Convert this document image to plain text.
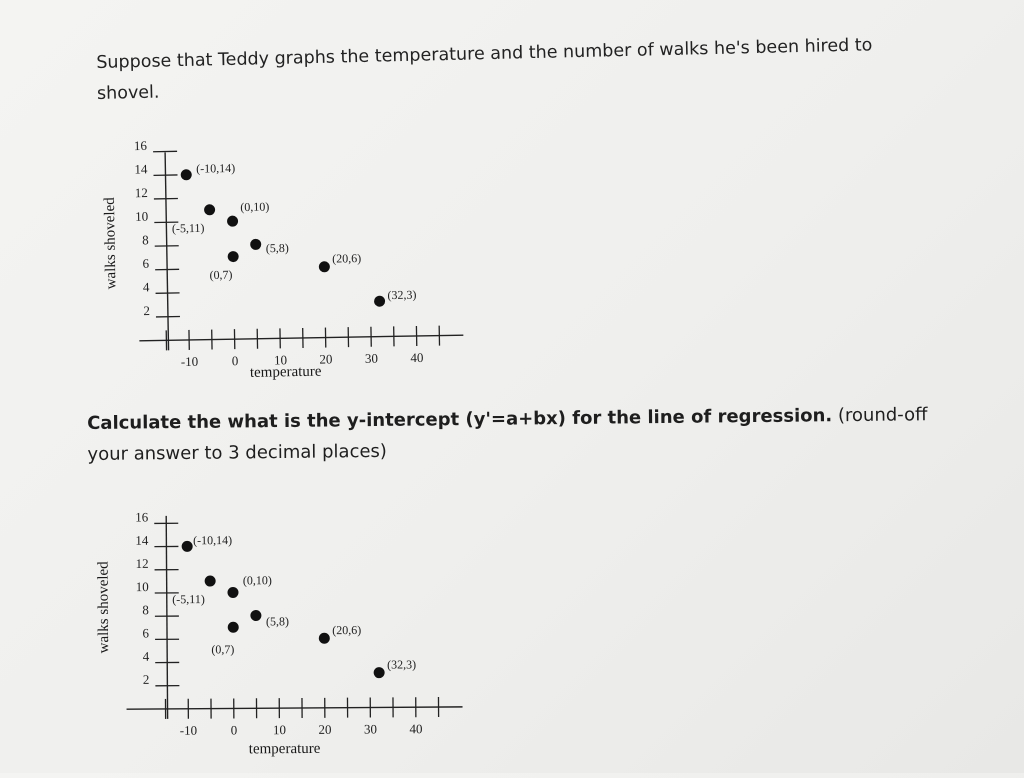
Suppose that Teddy graphs the temperature and the number of walks he's been hired to shovel.

2
4
6
8
10
12
14
16
-10	0	10 20 30 40
temperature
walks shoveled
(-10,14)
(-5,11)
(0,10)
(0,7)
(5,8)
(20,6)
(32,3)

Calculate the what is the y-intercept (y'=a+bx) for the line of regression. (round-off your answer to 3 decimal places)

2
4
6
8
10
12
14
16
-10	0	10 20 30 40
temperature
walks shoveled
(-10,14)
(-5,11)
(0,10)
(0,7)
(5,8)
(20,6)
(32,3)
